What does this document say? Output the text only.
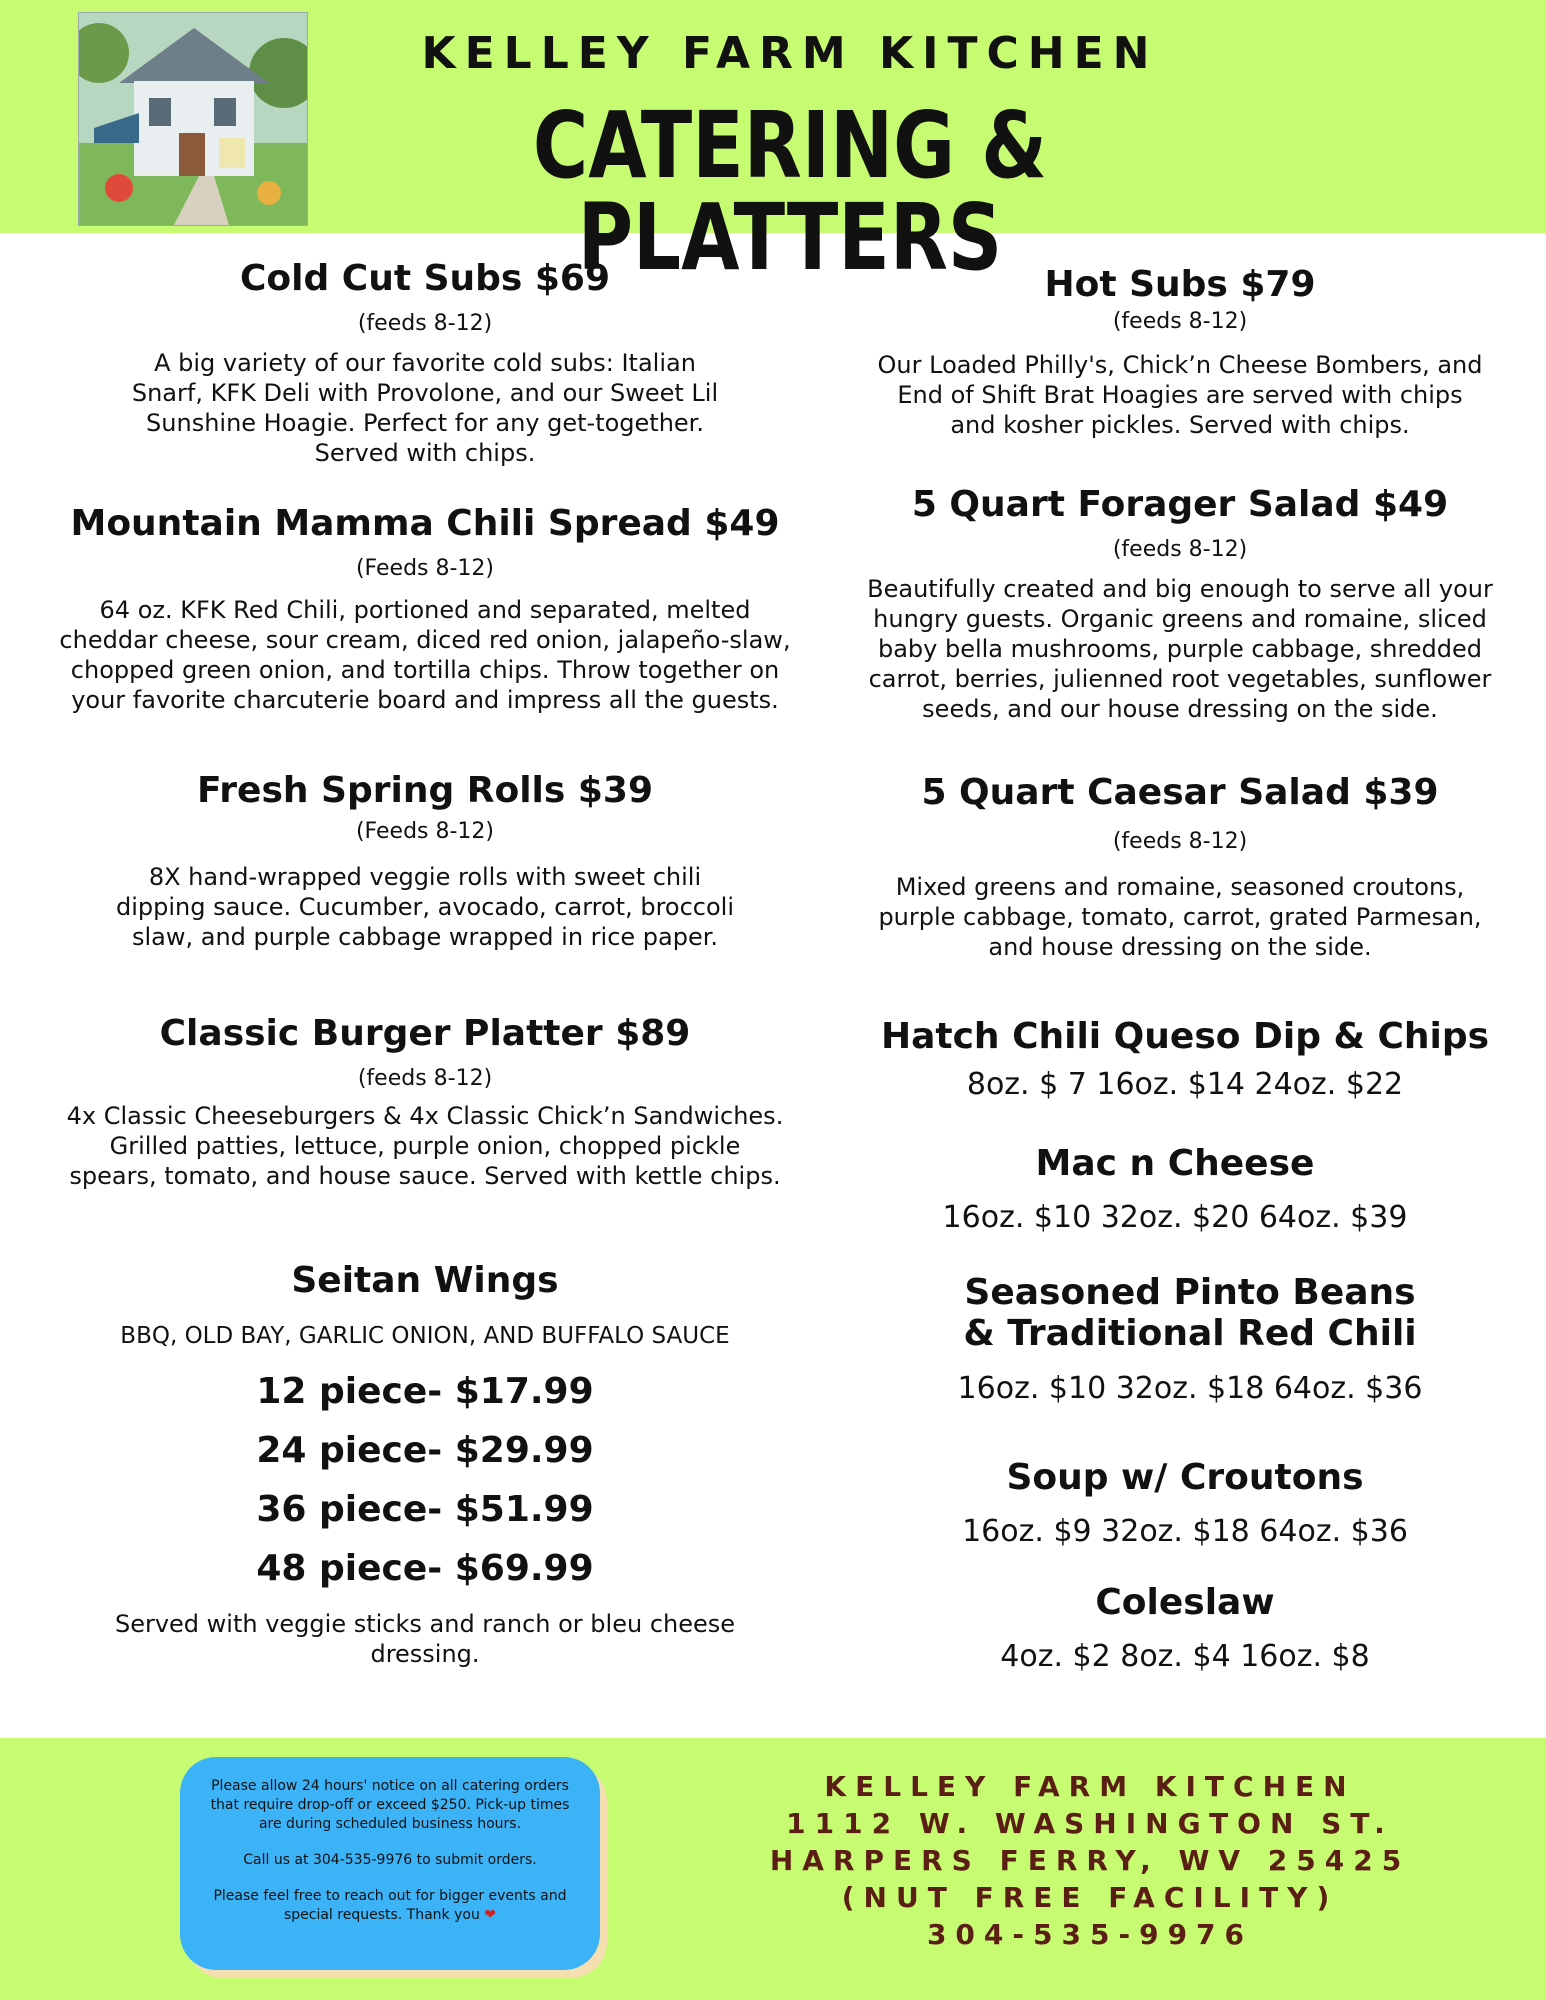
KELLEY FARM KITCHEN
CATERING & PLATTERS
Cold Cut Subs $69
(feeds 8-12)
A big variety of our favorite cold subs: Italian
Snarf, KFK Deli with Provolone, and our Sweet Lil
Sunshine Hoagie. Perfect for any get-together.
Served with chips.
Mountain Mamma Chili Spread $49
(Feeds 8-12)
64 oz. KFK Red Chili, portioned and separated, melted
cheddar cheese, sour cream, diced red onion, jalapeño-slaw,
chopped green onion, and tortilla chips. Throw together on
your favorite charcuterie board and impress all the guests.
Fresh Spring Rolls $39
(Feeds 8-12)
8X hand-wrapped veggie rolls with sweet chili
dipping sauce. Cucumber, avocado, carrot, broccoli
slaw, and purple cabbage wrapped in rice paper.
Classic Burger Platter $89
(feeds 8-12)
4x Classic Cheeseburgers & 4x Classic Chick’n Sandwiches.
Grilled patties, lettuce, purple onion, chopped pickle
spears, tomato, and house sauce. Served with kettle chips.
Seitan Wings
BBQ, OLD BAY, GARLIC ONION, AND BUFFALO SAUCE
12 piece- $17.99
24 piece- $29.99
36 piece- $51.99
48 piece- $69.99
Served with veggie sticks and ranch or bleu cheese
dressing.
Hot Subs $79
(feeds 8-12)
Our Loaded Philly's, Chick’n Cheese Bombers, and
End of Shift Brat Hoagies are served with chips
and kosher pickles. Served with chips.
5 Quart Forager Salad $49
(feeds 8-12)
Beautifully created and big enough to serve all your
hungry guests. Organic greens and romaine, sliced
baby bella mushrooms, purple cabbage, shredded
carrot, berries, julienned root vegetables, sunflower
seeds, and our house dressing on the side.
5 Quart Caesar Salad $39
(feeds 8-12)
Mixed greens and romaine, seasoned croutons,
purple cabbage, tomato, carrot, grated Parmesan,
and house dressing on the side.
Hatch Chili Queso Dip & Chips
8oz. $ 7 16oz. $14 24oz. $22
Mac n Cheese
16oz. $10 32oz. $20 64oz. $39
Seasoned Pinto Beans
& Traditional Red Chili
16oz. $10 32oz. $18 64oz. $36
Soup w/ Croutons
16oz. $9 32oz. $18 64oz. $36
Coleslaw
4oz. $2 8oz. $4 16oz. $8

Please allow 24 hours' notice on all catering orders that require drop-off or exceed $250. Pick-up times are during scheduled business hours.

Call us at 304-535-9976 to submit orders.

Please feel free to reach out for bigger events and special requests. Thank you ❤

KELLEY FARM KITCHEN
1112 W. WASHINGTON ST.
HARPERS FERRY, WV 25425
(NUT FREE FACILITY)
304-535-9976
